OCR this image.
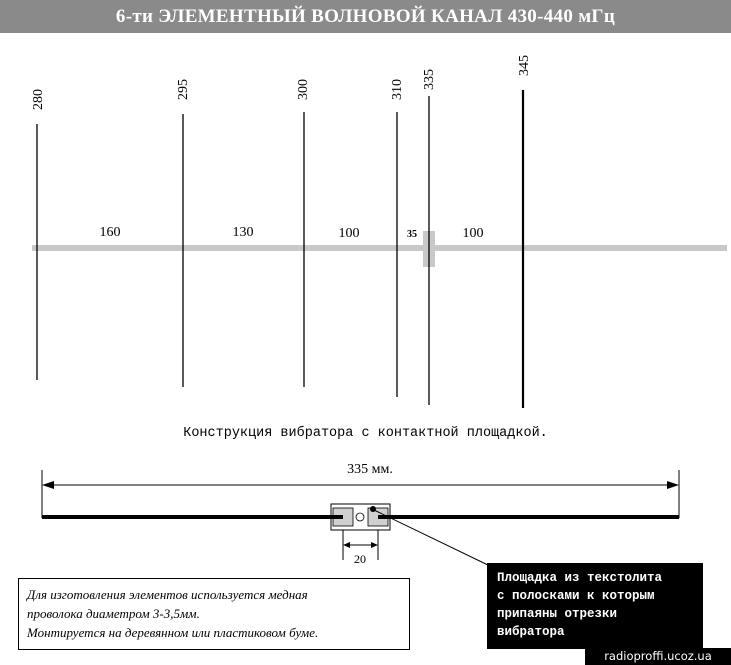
6-ти ЭЛЕМЕНТНЫЙ ВОЛНОВОЙ КАНАЛ 430-440 мГц
280	295	300	310 335
345
160	130	100	35	100
335 мм.
20
Конструкция вибратора с контактной площадкой.
Для изготовления элементов используется медная
проволока диаметром 3-3,5мм.
Монтируется на деревянном или пластиковом буме.
Площадка из текстолита
с полосками к которым
припаяны отрезки
вибратора
radioproffi.ucoz.ua
